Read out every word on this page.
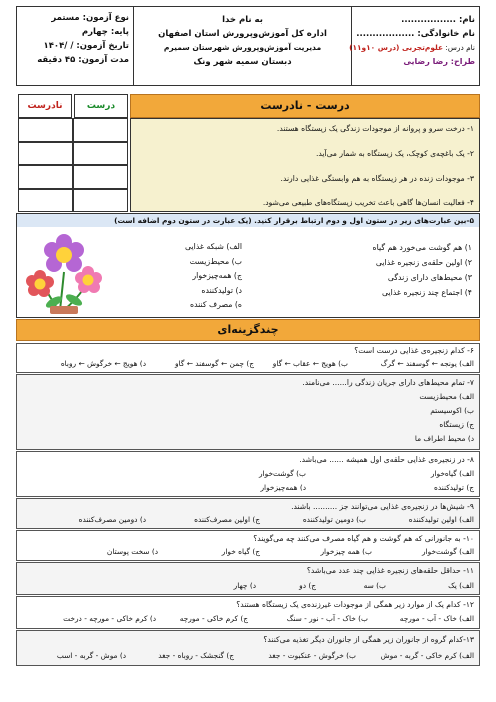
نام: .................
نام خانوادگی: ..................
نام درس: علوم‌تجربی (درس ۱۰و۱۱)
طراح: رضا رضایی
به نام خدا
اداره کل آموزش‌وپرورش استان اصفهان
مدیریت آموزش‌وپرورش شهرستان سمیرم
دبستان سمیه شهر ونک
نوع آزمون: مستمر
پایه: چهارم
تاریخ آزمون: / /۱۴۰۴
مدت آزمون: ۴۵ دقیقه
نادرست	درست	درست - نادرست
۱- درخت سرو و پروانه از موجودات زندگی یک زیستگاه هستند.
۲- یک باغچه‌ی کوچک، یک زیستگاه به شمار می‌آید.
۳- موجودات زنده در هر زیستگاه به هم وابستگی غذایی دارند.
۴- فعالیت انسان‌ها گاهی باعث تخریب زیستگاه‌های طبیعی می‌شود.
۵-بین عبارت‌های زیر در ستون اول و دوم ارتباط برقرار کنید. (یک عبارت در ستون دوم اضافه است)
۱) هم گوشت می‌خورد هم گیاه
۲) اولین حلقه‌ی زنجیره غذایی
۳) محیط‌های دارای زندگی
۴) اجتماع چند زنجیره غذایی
الف) شبکه غذایی
ب) محیط‌زیست
ج) همه‌چیزخوار
د) تولیدکننده
ه) مصرف کننده
چندگزینه‌ای
۶- کدام زنجیره‌ی غذایی درست است؟
الف) یونجه ← گوسفند ← گرگ
ب) هویج ← عقاب ← گاو
ج) چمن ← گوسفند ← گاو
د) هویج ← خرگوش ← روباه
۷- تمام محیط‌های دارای جریان زندگی را...... می‌نامند.
الف) محیط‌زیست
ب) اکوسیستم
ج) زیستگاه
د) محیط اطراف ما
۸- در زنجیره‌ی غذایی حلقه‌ی اول همیشه ...... می‌باشد.
الف) گیاه‌خوار
ب) گوشت‌خوار
ج) تولیدکننده
د) همه‌چیزخوار
۹- شیش‌ها در زنجیره‌ی غذایی می‌توانند جز .......... باشند.
الف) اولین تولیدکننده
ب) دومین تولیدکننده
ج) اولین مصرف‌کننده
د) دومین مصرف‌کننده
۱۰- به جانورانی که هم گوشت و هم گیاه مصرف می‌کنند چه می‌گویند؟
الف) گوشت‌خوار
ب) همه چیزخوار
ج) گیاه خوار
د) سخت پوستان
۱۱- حداقل حلقه‌های زنجیره غذایی چند عدد می‌باشد؟
الف) یک
ب) سه
ج) دو
د) چهار
۱۲- کدام یک از موارد زیر همگی از موجودات غیرزنده‌ی یک زیستگاه هستند؟
الف) خاک - آب - مورچه
ب) خاک - آب - نور - سنگ
ج) کرم خاکی - مورچه
د) کرم خاکی - مورچه - درخت
۱۳-کدام گروه از جانوران زیر همگی از جانوران دیگر تغذیه می‌کنند؟
الف) کرم خاکی - گربه - موش
ب) خرگوش - عنکبوت - جغد
ج) گنجشک - روباه - جغد
د) موش - گربه - اسب
